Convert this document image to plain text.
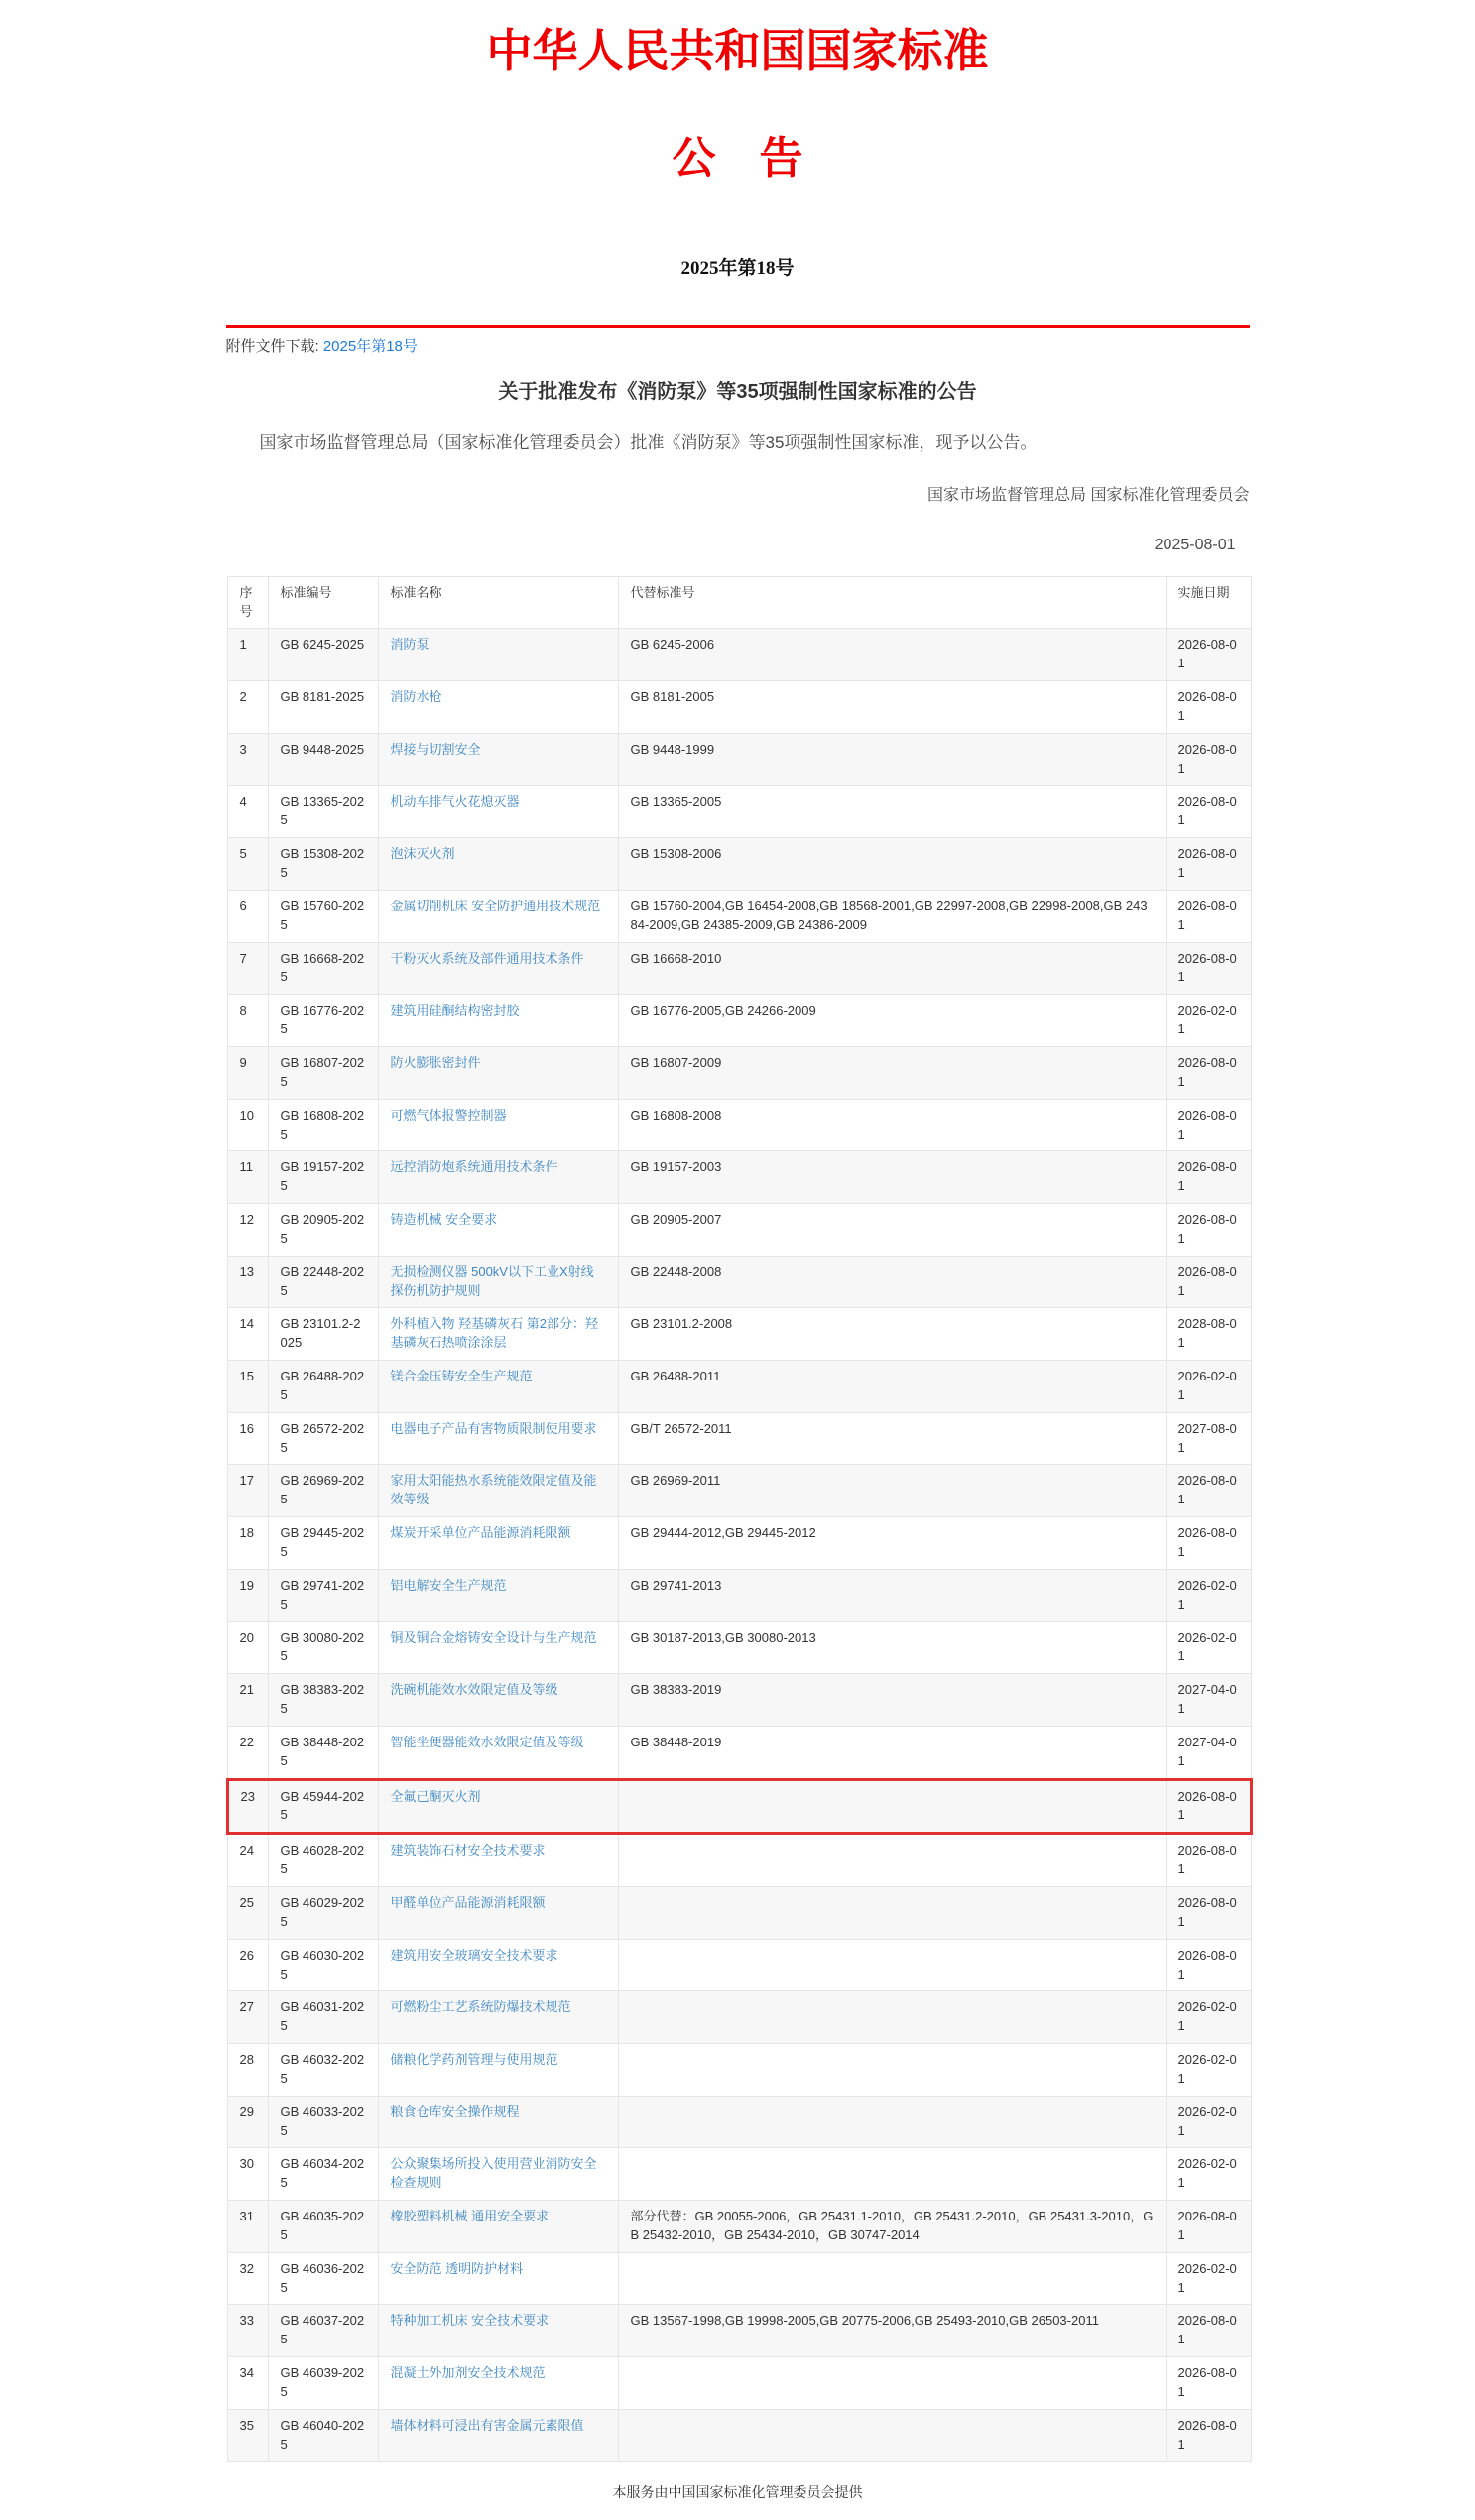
中华人民共和国国家标准
公　告
2025年第18号
附件文件下载: 2025年第18号
关于批准发布《消防泵》等35项强制性国家标准的公告

国家市场监督管理总局（国家标准化管理委员会）批准《消防泵》等35项强制性国家标准，现予以公告。

国家市场监督管理总局 国家标准化管理委员会
2025-08-01
序号	标准编号	标准名称	代替标准号	实施日期
1	GB 6245-2025	消防泵	GB 6245-2006	2026-08-01
2	GB 8181-2025	消防水枪	GB 8181-2005	2026-08-01
3	GB 9448-2025	焊接与切割安全	GB 9448-1999	2026-08-01
4	GB 13365-2025	机动车排气火花熄灭器	GB 13365-2005	2026-08-01
5	GB 15308-2025	泡沫灭火剂	GB 15308-2006	2026-08-01
6	GB 15760-2025	金属切削机床 安全防护通用技术规范	GB 15760-2004,GB 16454-2008,GB 18568-2001,GB 22997-2008,GB 22998-2008,GB 24384-2009,GB 24385-2009,GB 24386-2009	2026-08-01
7	GB 16668-2025	干粉灭火系统及部件通用技术条件	GB 16668-2010	2026-08-01
8	GB 16776-2025	建筑用硅酮结构密封胶	GB 16776-2005,GB 24266-2009	2026-02-01
9	GB 16807-2025	防火膨胀密封件	GB 16807-2009	2026-08-01
10	GB 16808-2025	可燃气体报警控制器	GB 16808-2008	2026-08-01
11	GB 19157-2025	远控消防炮系统通用技术条件	GB 19157-2003	2026-08-01
12	GB 20905-2025	铸造机械 安全要求	GB 20905-2007	2026-08-01
13	GB 22448-2025	无损检测仪器 500kV以下工业X射线探伤机防护规则	GB 22448-2008	2026-08-01
14	GB 23101.2-2025	外科植入物 羟基磷灰石 第2部分：羟基磷灰石热喷涂涂层	GB 23101.2-2008	2028-08-01
15	GB 26488-2025	镁合金压铸安全生产规范	GB 26488-2011	2026-02-01
16	GB 26572-2025	电器电子产品有害物质限制使用要求	GB/T 26572-2011	2027-08-01
17	GB 26969-2025	家用太阳能热水系统能效限定值及能效等级	GB 26969-2011	2026-08-01
18	GB 29445-2025	煤炭开采单位产品能源消耗限额	GB 29444-2012,GB 29445-2012	2026-08-01
19	GB 29741-2025	铝电解安全生产规范	GB 29741-2013	2026-02-01
20	GB 30080-2025	铜及铜合金熔铸安全设计与生产规范	GB 30187-2013,GB 30080-2013	2026-02-01
21	GB 38383-2025	洗碗机能效水效限定值及等级	GB 38383-2019	2027-04-01
22	GB 38448-2025	智能坐便器能效水效限定值及等级	GB 38448-2019	2027-04-01
23	GB 45944-2025	全氟己酮灭火剂		2026-08-01
24	GB 46028-2025	建筑装饰石材安全技术要求		2026-08-01
25	GB 46029-2025	甲醛单位产品能源消耗限额		2026-08-01
26	GB 46030-2025	建筑用安全玻璃安全技术要求		2026-08-01
27	GB 46031-2025	可燃粉尘工艺系统防爆技术规范		2026-02-01
28	GB 46032-2025	储粮化学药剂管理与使用规范		2026-02-01
29	GB 46033-2025	粮食仓库安全操作规程		2026-02-01
30	GB 46034-2025	公众聚集场所投入使用营业消防安全检查规则		2026-02-01
31	GB 46035-2025	橡胶塑料机械 通用安全要求	部分代替：GB 20055-2006，GB 25431.1-2010，GB 25431.2-2010，GB 25431.3-2010，GB 25432-2010，GB 25434-2010，GB 30747-2014	2026-08-01
32	GB 46036-2025	安全防范 透明防护材料		2026-02-01
33	GB 46037-2025	特种加工机床 安全技术要求	GB 13567-1998,GB 19998-2005,GB 20775-2006,GB 25493-2010,GB 26503-2011	2026-08-01
34	GB 46039-2025	混凝土外加剂安全技术规范		2026-08-01
35	GB 46040-2025	墙体材料可浸出有害金属元素限值		2026-08-01
本服务由中国国家标准化管理委员会提供
